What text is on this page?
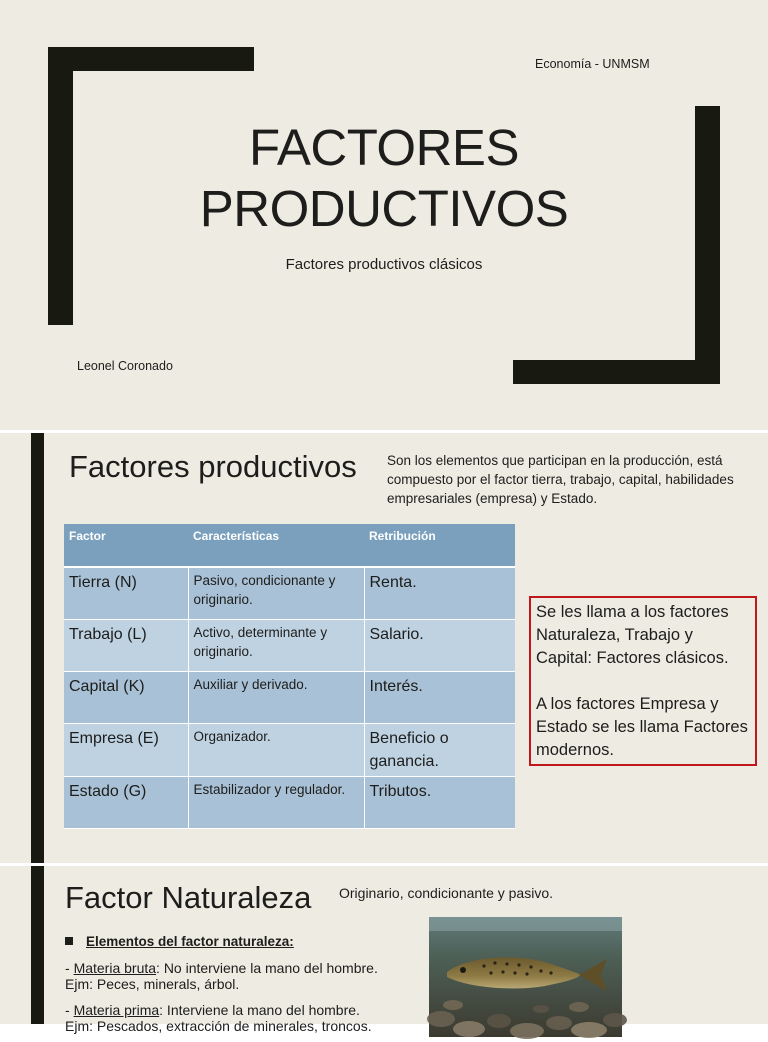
Economía - UNMSM
FACTORES
PRODUCTIVOS
Factores productivos clásicos
Leonel Coronado
Factores productivos Son los elementos que participan en la producción, está compuesto por el factor tierra, trabajo, capital, habilidades empresariales (empresa) y Estado.
Factor	Características	Retribución
Tierra (N)	Pasivo, condicionante y originario.	Renta.
Trabajo (L)	Activo, determinante y originario.	Salario.
Capital (K)	Auxiliar y derivado.	Interés.
Empresa (E)	Organizador.	Beneficio o ganancia.
Estado (G)	Estabilizador y regulador.	Tributos.

Se les llama a los factores Naturaleza, Trabajo y Capital: Factores clásicos.

A los factores Empresa y Estado se les llama Factores modernos.

Factor Naturaleza Originario, condicionante y pasivo.
Elementos del factor naturaleza:
- Materia bruta: No interviene la mano del hombre. Ejm: Peces, minerals, árbol.
- Materia prima: Interviene la mano del hombre. Ejm: Pescados, extracción de minerales, troncos.
